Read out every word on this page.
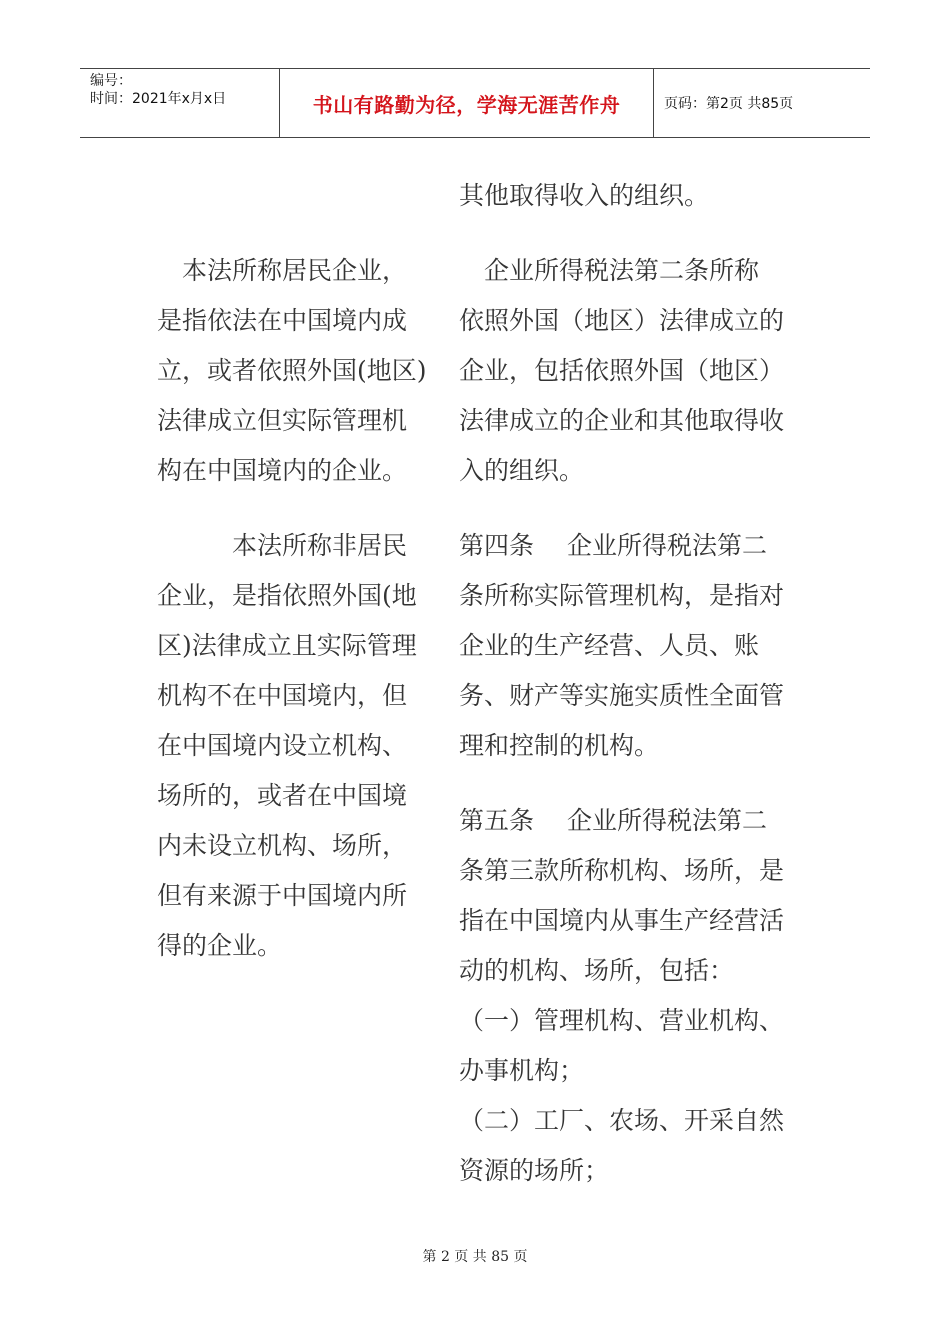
编号：
时间：2021年x月x日	书山有路勤为径，学海无涯苦作舟	页码：第2页 共85页

　本法所称居民企业，
是指依法在中国境内成
立，或者依照外国(地区)
法律成立但实际管理机
构在中国境内的企业。

　　　本法所称非居民
企业，是指依照外国(地
区)法律成立且实际管理
机构不在中国境内，但
在中国境内设立机构、
场所的，或者在中国境
内未设立机构、场所，
但有来源于中国境内所
得的企业。

其他取得收入的组织。

　企业所得税法第二条所称
依照外国（地区）法律成立的
企业，包括依照外国（地区）
法律成立的企业和其他取得收
入的组织。

第四条　 企业所得税法第二
条所称实际管理机构，是指对
企业的生产经营、人员、账
务、财产等实施实质性全面管
理和控制的机构。

第五条　 企业所得税法第二
条第三款所称机构、场所，是
指在中国境内从事生产经营活
动的机构、场所，包括：

（一）管理机构、营业机构、
办事机构；

（二）工厂、农场、开采自然
资源的场所；

第 2 页 共 85 页
